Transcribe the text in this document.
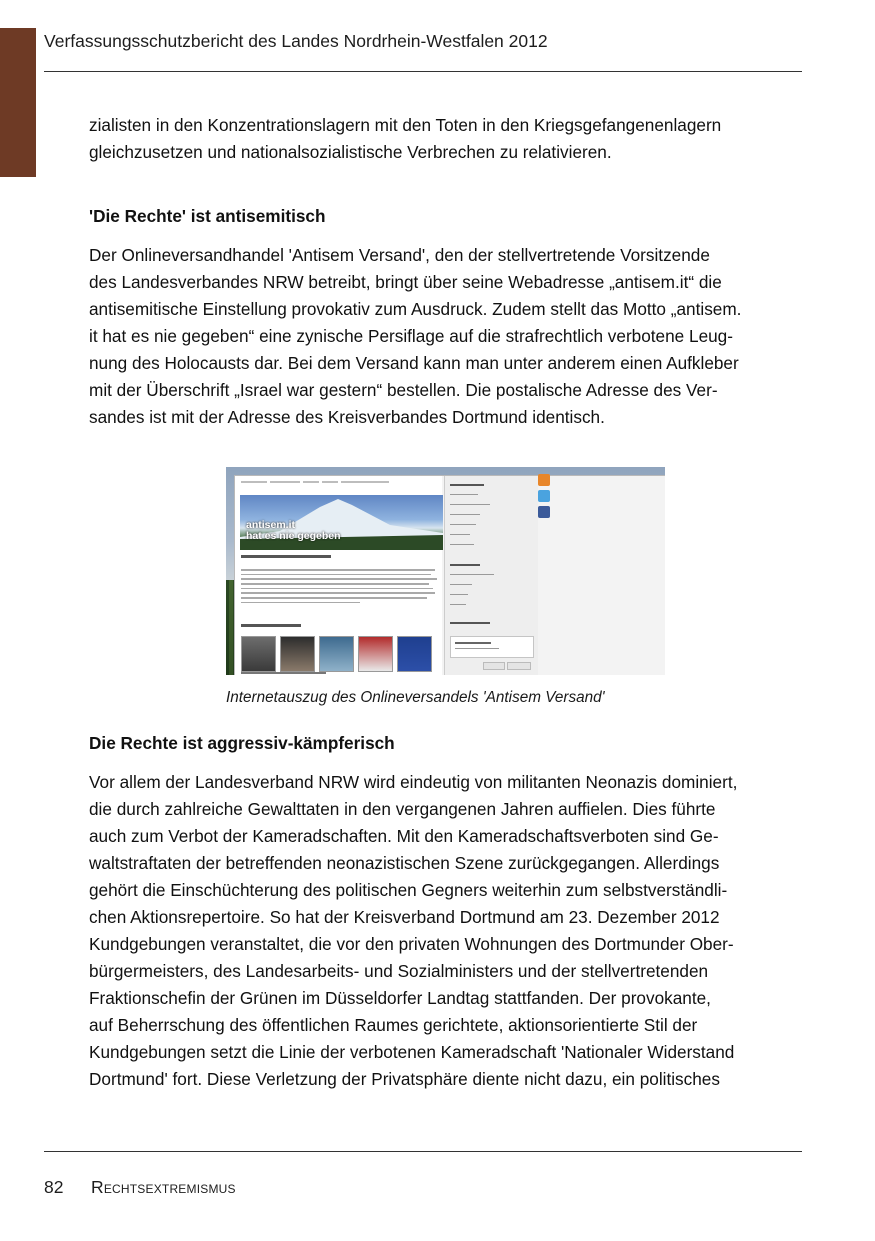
Verfassungsschutzbericht des Landes Nordrhein-Westfalen 2012

zialisten in den Konzentrationslagern mit den Toten in den Kriegsgefangenenlagern
gleichzusetzen und nationalsozialistische Verbrechen zu relativieren.

'Die Rechte' ist antisemitisch

Der Onlineversandhandel 'Antisem Versand', den der stellvertretende Vorsitzende
des Landesverbandes NRW betreibt, bringt über seine Webadresse „antisem.it“ die
antisemitische Einstellung provokativ zum Ausdruck. Zudem stellt das Motto „antisem.
it hat es nie gegeben“ eine zynische Persiflage auf die strafrechtlich verbotene Leug-
nung des Holocausts dar. Bei dem Versand kann man unter anderem einen Aufkleber
mit der Überschrift „Israel war gestern“ bestellen. Die postalische Adresse des Ver-
sandes ist mit der Adresse des Kreisverbandes Dortmund identisch.

Die Rechte ist aggressiv-kämpferisch

Vor allem der Landesverband NRW wird eindeutig von militanten Neonazis dominiert,
die durch zahlreiche Gewalttaten in den vergangenen Jahren auffielen. Dies führte
auch zum Verbot der Kameradschaften. Mit den Kameradschaftsverboten sind Ge-
waltstraftaten der betreffenden neonazistischen Szene zurückgegangen. Allerdings
gehört die Einschüchterung des politischen Gegners weiterhin zum selbstverständli-
chen Aktionsrepertoire. So hat der Kreisverband Dortmund am 23. Dezember 2012
Kundgebungen veranstaltet, die vor den privaten Wohnungen des Dortmunder Ober-
bürgermeisters, des Landesarbeits- und Sozialministers und der stellvertretenden
Fraktionschefin der Grünen im Düsseldorfer Landtag stattfanden. Der provokante,
auf Beherrschung des öffentlichen Raumes gerichtete, aktionsorientierte Stil der
Kundgebungen setzt die Linie der verbotenen Kameradschaft 'Nationaler Widerstand
Dortmund' fort. Diese Verletzung der Privatsphäre diente nicht dazu, ein politisches

antisem.it
hat es nie gegeben
Internetauszug des Onlineversandels 'Antisem Versand'
82 Rechtsextremismus
